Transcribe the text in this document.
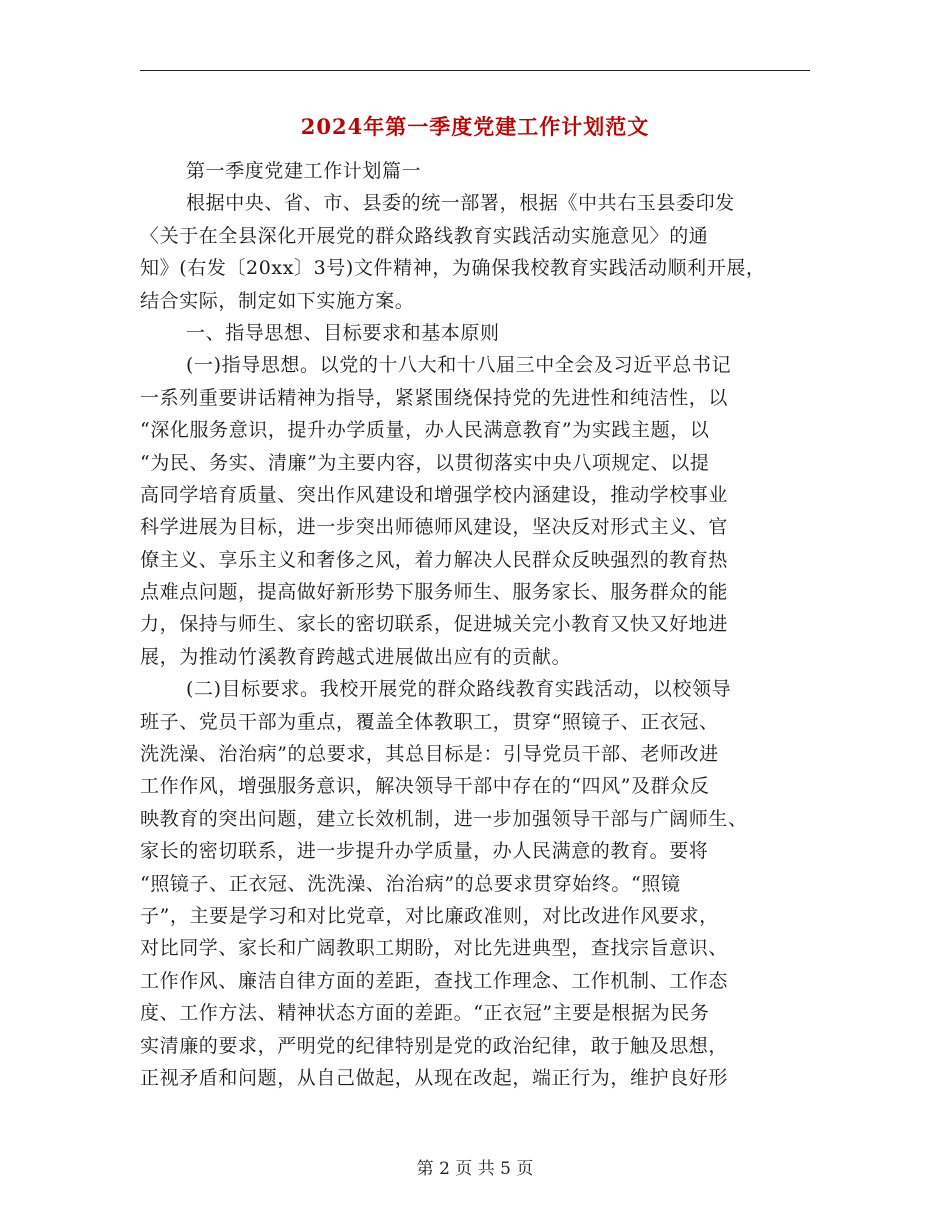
2024年第一季度党建工作计划范文
第一季度党建工作计划篇一
根据中央、省、市、县委的统一部署，根据《中共右玉县委印发
〈关于在全县深化开展党的群众路线教育实践活动实施意见〉的通
知》(右发〔20xx〕3号)文件精神，为确保我校教育实践活动顺利开展，
结合实际，制定如下实施方案。
一、指导思想、目标要求和基本原则
(一)指导思想。以党的十八大和十八届三中全会及习近平总书记
一系列重要讲话精神为指导，紧紧围绕保持党的先进性和纯洁性，以
“深化服务意识，提升办学质量，办人民满意教育”为实践主题，以
“为民、务实、清廉”为主要内容，以贯彻落实中央八项规定、以提
高同学培育质量、突出作风建设和增强学校内涵建设，推动学校事业
科学进展为目标，进一步突出师德师风建设，坚决反对形式主义、官
僚主义、享乐主义和奢侈之风，着力解决人民群众反映强烈的教育热
点难点问题，提高做好新形势下服务师生、服务家长、服务群众的能
力，保持与师生、家长的密切联系，促进城关完小教育又快又好地进
展，为推动竹溪教育跨越式进展做出应有的贡献。
(二)目标要求。我校开展党的群众路线教育实践活动，以校领导
班子、党员干部为重点，覆盖全体教职工，贯穿“照镜子、正衣冠、
洗洗澡、治治病”的总要求，其总目标是：引导党员干部、老师改进
工作作风，增强服务意识，解决领导干部中存在的“四风”及群众反
映教育的突出问题，建立长效机制，进一步加强领导干部与广阔师生、
家长的密切联系，进一步提升办学质量，办人民满意的教育。要将
“照镜子、正衣冠、洗洗澡、治治病”的总要求贯穿始终。“照镜
子”，主要是学习和对比党章，对比廉政准则，对比改进作风要求，
对比同学、家长和广阔教职工期盼，对比先进典型，查找宗旨意识、
工作作风、廉洁自律方面的差距，查找工作理念、工作机制、工作态
度、工作方法、精神状态方面的差距。“正衣冠”主要是根据为民务
实清廉的要求，严明党的纪律特别是党的政治纪律，敢于触及思想，
正视矛盾和问题，从自己做起，从现在改起，端正行为，维护良好形
第 2 页 共 5 页
